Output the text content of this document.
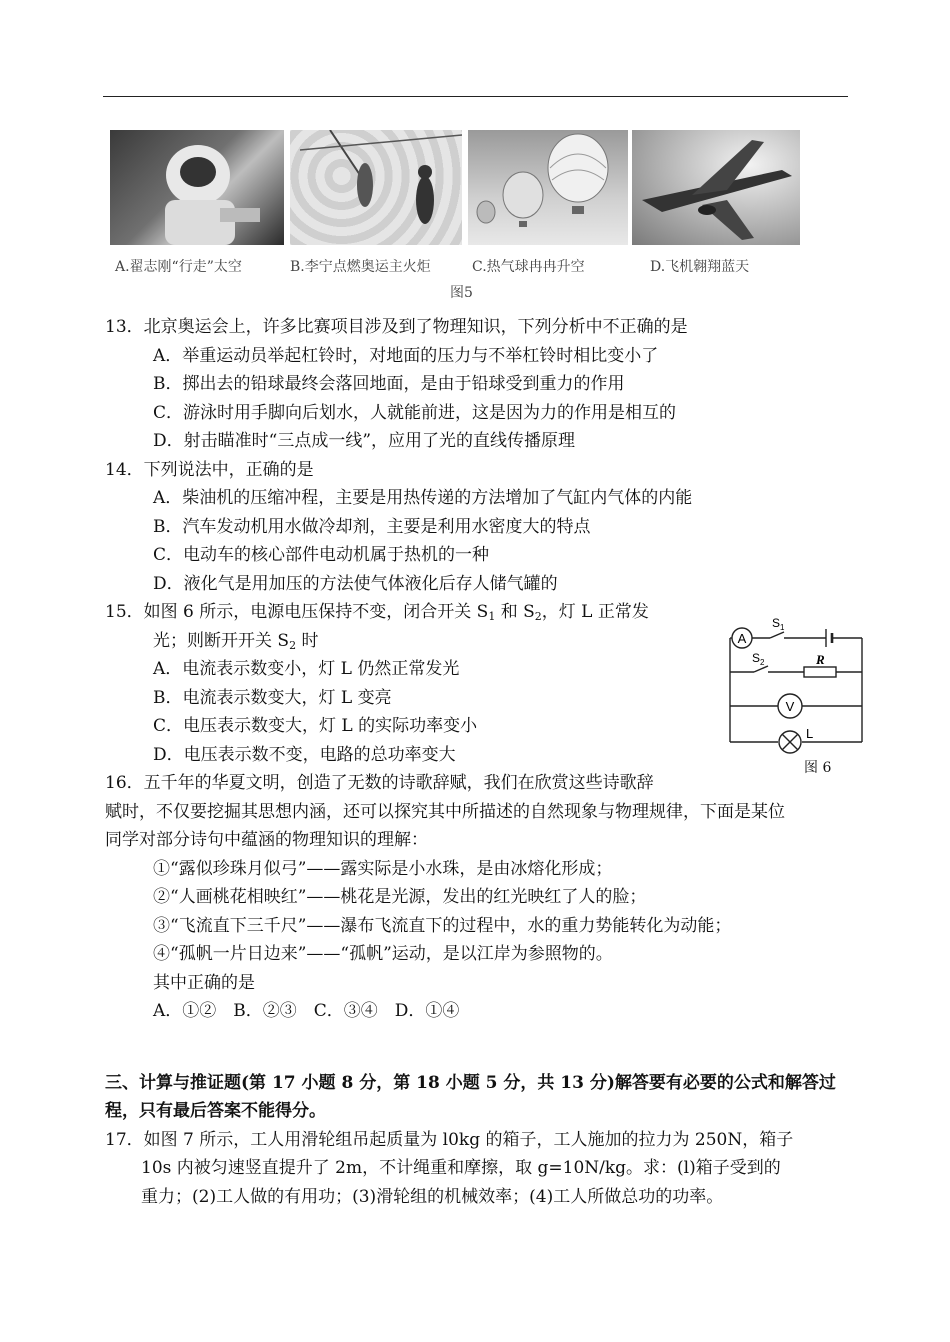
A.翟志刚“行走”太空	B.李宁点燃奥运主火炬	C.热气球冉冉升空	D.飞机翱翔蓝天
图5
13．北京奥运会上，许多比赛项目涉及到了物理知识，下列分析中不正确的是
A．举重运动员举起杠铃时，对地面的压力与不举杠铃时相比变小了
B．掷出去的铅球最终会落回地面，是由于铅球受到重力的作用
C．游泳时用手脚向后划水，人就能前进，这是因为力的作用是相互的
D．射击瞄准时“三点成一线”，应用了光的直线传播原理
14．下列说法中，正确的是
A．柴油机的压缩冲程，主要是用热传递的方法增加了气缸内气体的内能
B．汽车发动机用水做冷却剂，主要是利用水密度大的特点
C．电动车的核心部件电动机属于热机的一种
D．液化气是用加压的方法使气体液化后存人储气罐的
15．如图 6 所示，电源电压保持不变，闭合开关 $S_1$ 和 $S_2$，灯 L 正常发
光；则断开开关 $S_2$ 时
A．电流表示数变小，灯 L 仍然正常发光
B．电流表示数变大，灯 L 变亮
C．电压表示数变大，灯 L 的实际功率变小
D．电压表示数不变，电路的总功率变大
A
V
R
L
S 1
S 2
图 6
16．五千年的华夏文明，创造了无数的诗歌辞赋，我们在欣赏这些诗歌辞
赋时，不仅要挖掘其思想内涵，还可以探究其中所描述的自然现象与物理规律，下面是某位
同学对部分诗句中蕴涵的物理知识的理解：
①“露似珍珠月似弓”——露实际是小水珠，是由冰熔化形成；
②“人画桃花相映红”——桃花是光源，发出的红光映红了人的脸；
③“飞流直下三千尺”——瀑布飞流直下的过程中，水的重力势能转化为动能；
④“孤帆一片日边来”——“孤帆”运动，是以江岸为参照物的。
其中正确的是
A．①②　B．②③　C．③④　D．①④
三、计算与推证题(第 17 小题 8 分，第 18 小题 5 分，共 13 分)解答要有必要的公式和解答过
程，只有最后答案不能得分。
17．如图 7 所示，工人用滑轮组吊起质量为 l0kg 的箱子，工人施加的拉力为 250N，箱子
10s 内被匀速竖直提升了 2m，不计绳重和摩擦，取 g=10N/kg。求：(l)箱子受到的
重力；(2)工人做的有用功；(3)滑轮组的机械效率；(4)工人所做总功的功率。
